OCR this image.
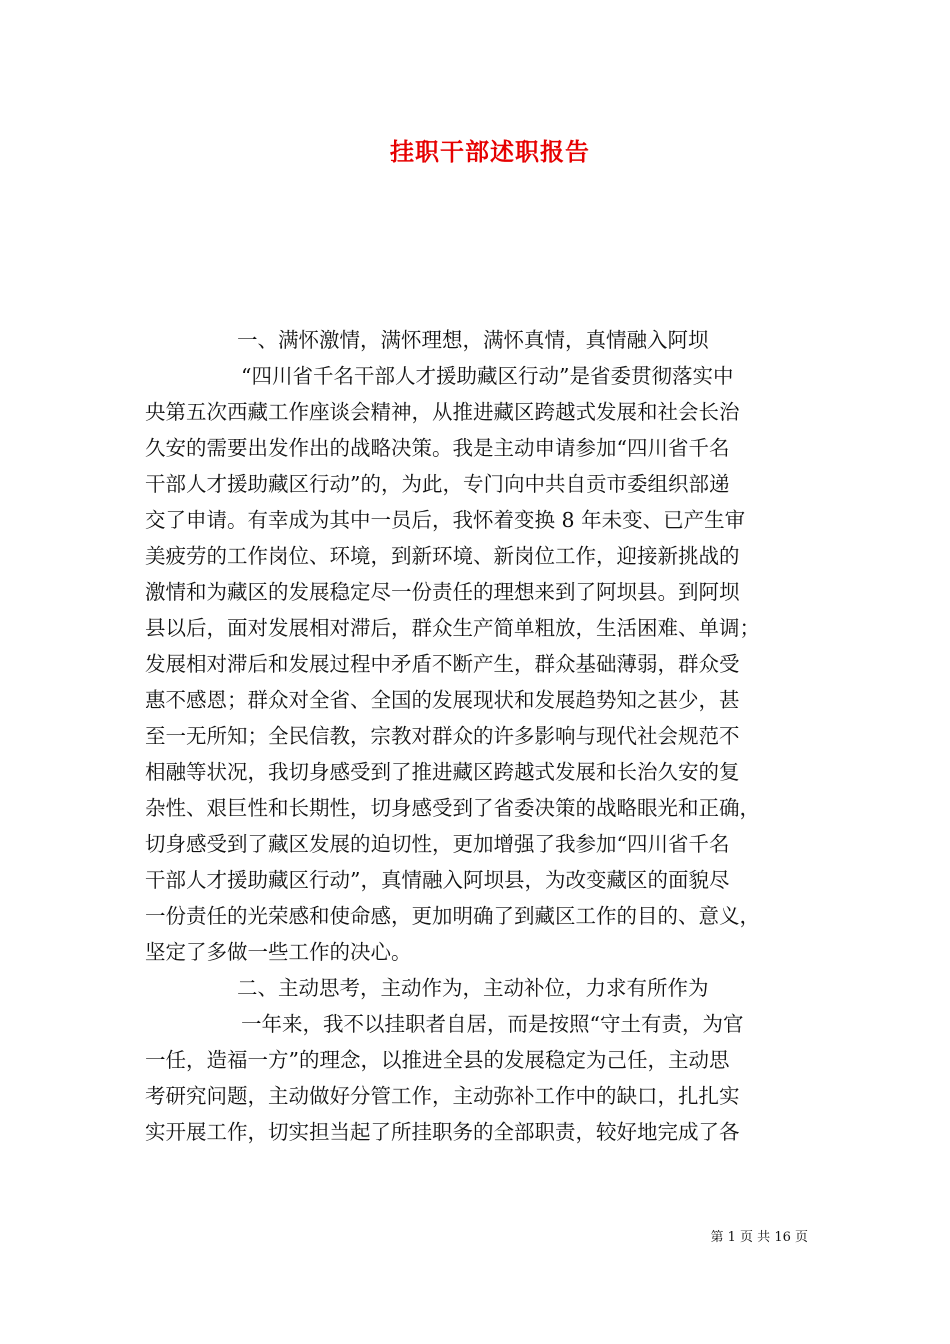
挂职干部述职报告
一、满怀激情，满怀理想，满怀真情，真情融入阿坝
“四川省千名干部人才援助藏区行动”是省委贯彻落实中
央第五次西藏工作座谈会精神，从推进藏区跨越式发展和社会长治
久安的需要出发作出的战略决策。我是主动申请参加“四川省千名
干部人才援助藏区行动”的，为此，专门向中共自贡市委组织部递
交了申请。有幸成为其中一员后，我怀着变换 8 年未变、已产生审
美疲劳的工作岗位、环境，到新环境、新岗位工作，迎接新挑战的
激情和为藏区的发展稳定尽一份责任的理想来到了阿坝县。到阿坝
县以后，面对发展相对滞后，群众生产简单粗放，生活困难、单调；
发展相对滞后和发展过程中矛盾不断产生，群众基础薄弱，群众受
惠不感恩；群众对全省、全国的发展现状和发展趋势知之甚少，甚
至一无所知；全民信教，宗教对群众的许多影响与现代社会规范不
相融等状况，我切身感受到了推进藏区跨越式发展和长治久安的复
杂性、艰巨性和长期性，切身感受到了省委决策的战略眼光和正确，
切身感受到了藏区发展的迫切性，更加增强了我参加“四川省千名
干部人才援助藏区行动”，真情融入阿坝县，为改变藏区的面貌尽
一份责任的光荣感和使命感，更加明确了到藏区工作的目的、意义，
坚定了多做一些工作的决心。
二、主动思考，主动作为，主动补位，力求有所作为
一年来，我不以挂职者自居，而是按照“守土有责，为官
一任，造福一方”的理念，以推进全县的发展稳定为己任，主动思
考研究问题，主动做好分管工作，主动弥补工作中的缺口，扎扎实
实开展工作，切实担当起了所挂职务的全部职责，较好地完成了各
第 1 页 共 16 页
